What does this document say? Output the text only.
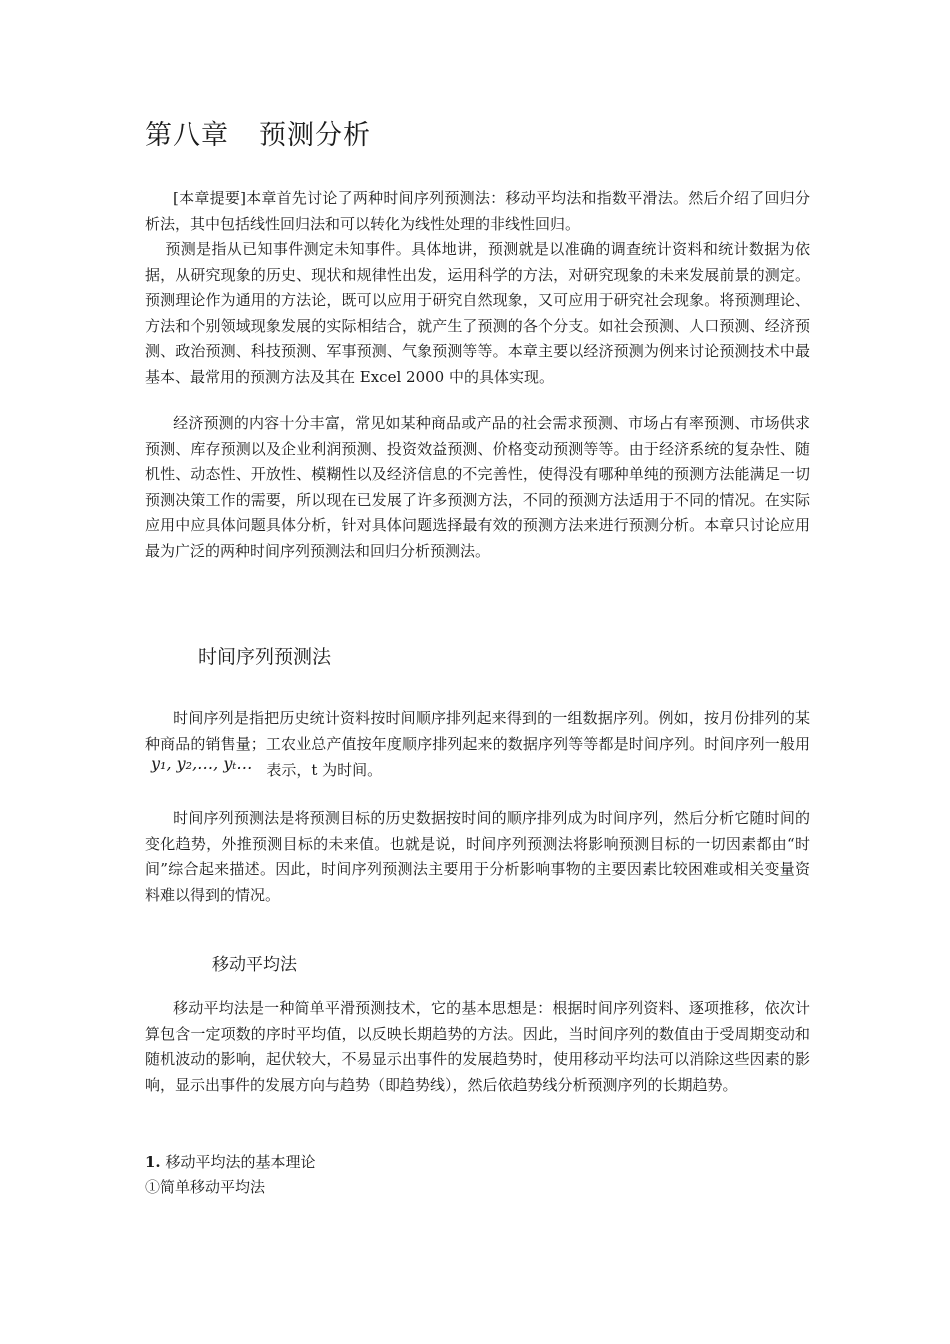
第八章 预测分析

[本章提要]本章首先讨论了两种时间序列预测法：移动平均法和指数平滑法。然后介绍了回归分析法，其中包括线性回归法和可以转化为线性处理的非线性回归。

预测是指从已知事件测定未知事件。具体地讲，预测就是以准确的调查统计资料和统计数据为依据，从研究现象的历史、现状和规律性出发，运用科学的方法，对研究现象的未来发展前景的测定。预测理论作为通用的方法论，既可以应用于研究自然现象，又可应用于研究社会现象。将预测理论、方法和个别领域现象发展的实际相结合，就产生了预测的各个分支。如社会预测、人口预测、经济预测、政治预测、科技预测、军事预测、气象预测等等。本章主要以经济预测为例来讨论预测技术中最基本、最常用的预测方法及其在 Excel 2000 中的具体实现。

经济预测的内容十分丰富，常见如某种商品或产品的社会需求预测、市场占有率预测、市场供求预测、库存预测以及企业利润预测、投资效益预测、价格变动预测等等。由于经济系统的复杂性、随机性、动态性、开放性、模糊性以及经济信息的不完善性，使得没有哪种单纯的预测方法能满足一切预测决策工作的需要，所以现在已发展了许多预测方法，不同的预测方法适用于不同的情况。在实际应用中应具体问题具体分析，针对具体问题选择最有效的预测方法来进行预测分析。本章只讨论应用最为广泛的两种时间序列预测法和回归分析预测法。

时间序列预测法

时间序列是指把历史统计资料按时间顺序排列起来得到的一组数据序列。例如，按月份排列的某种商品的销售量；工农业总产值按年度顺序排列起来的数据序列等等都是时间序列。时间序列一般用y₁, y₂,…, yₜ… 表示，t 为时间。

时间序列预测法是将预测目标的历史数据按时间的顺序排列成为时间序列，然后分析它随时间的变化趋势，外推预测目标的未来值。也就是说，时间序列预测法将影响预测目标的一切因素都由“时间”综合起来描述。因此，时间序列预测法主要用于分析影响事物的主要因素比较困难或相关变量资料难以得到的情况。

移动平均法

移动平均法是一种简单平滑预测技术，它的基本思想是：根据时间序列资料、逐项推移，依次计算包含一定项数的序时平均值，以反映长期趋势的方法。因此，当时间序列的数值由于受周期变动和随机波动的影响，起伏较大，不易显示出事件的发展趋势时，使用移动平均法可以消除这些因素的影响，显示出事件的发展方向与趋势（即趋势线），然后依趋势线分析预测序列的长期趋势。

1. 移动平均法的基本理论

①简单移动平均法
